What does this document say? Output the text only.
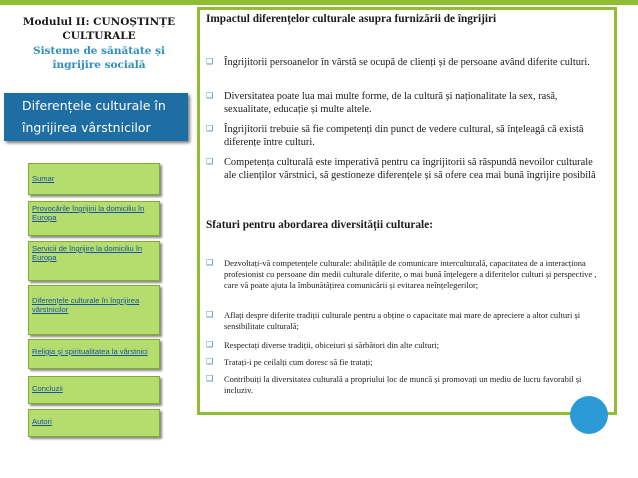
Modulul II: CUNOȘTINȚE CULTURALE
Sisteme de sănătate și îngrijire socială
Diferențele culturale în îngrijirea vârstnicilor
Sumar
Provocările îngrijirii la domiciliu în Europa
Servicii de îngrijire la domiciliu în Europa
Diferențele culturale în îngrijirea vârstnicilor
Religia și spiritualitatea la vârstnici
Concluzii
Autori
Impactul diferențelor culturale asupra furnizării de îngrijiri
❑ Îngrijitorii persoanelor în vârstă se ocupă de clienți și de persoane având diferite culturi.
❑ Diversitatea poate lua mai multe forme, de la cultură și naționalitate la sex, rasă, sexualitate, educație și multe altele.
❑ Îngrijitorii trebuie să fie competenți din punct de vedere cultural, să înțeleagă că există diferențe între culturi.
❑ Competența culturală este imperativă pentru ca îngrijitorii să răspundă nevoilor culturale ale clienților vârstnici, să gestioneze diferențele și să ofere cea mai bună îngrijire posibilă
Sfaturi pentru abordarea diversității culturale:
❑ Dezvoltați-vă competențele culturale: abilitățile de comunicare interculturală, capacitatea de a interacționa profesionist cu persoane din medii culturale diferite, o mai bună înțelegere a diferitelor culturi și perspective , care vă poate ajuta la îmbunătățirea comunicării și evitarea neînțelegerilor;
❑ Aflați despre diferite tradiții culturale pentru a obține o capacitate mai mare de apreciere a altor culturi și sensibilitate culturală;
❑ Respectați diverse tradiții, obiceiuri și sărbători din alte culturi;
❑ Tratați-i pe ceilalți cum doresc să fie tratați;
❑ Contribuiți la diversitatea culturală a propriului loc de muncă și promovați un mediu de lucru favorabil și incluziv.
